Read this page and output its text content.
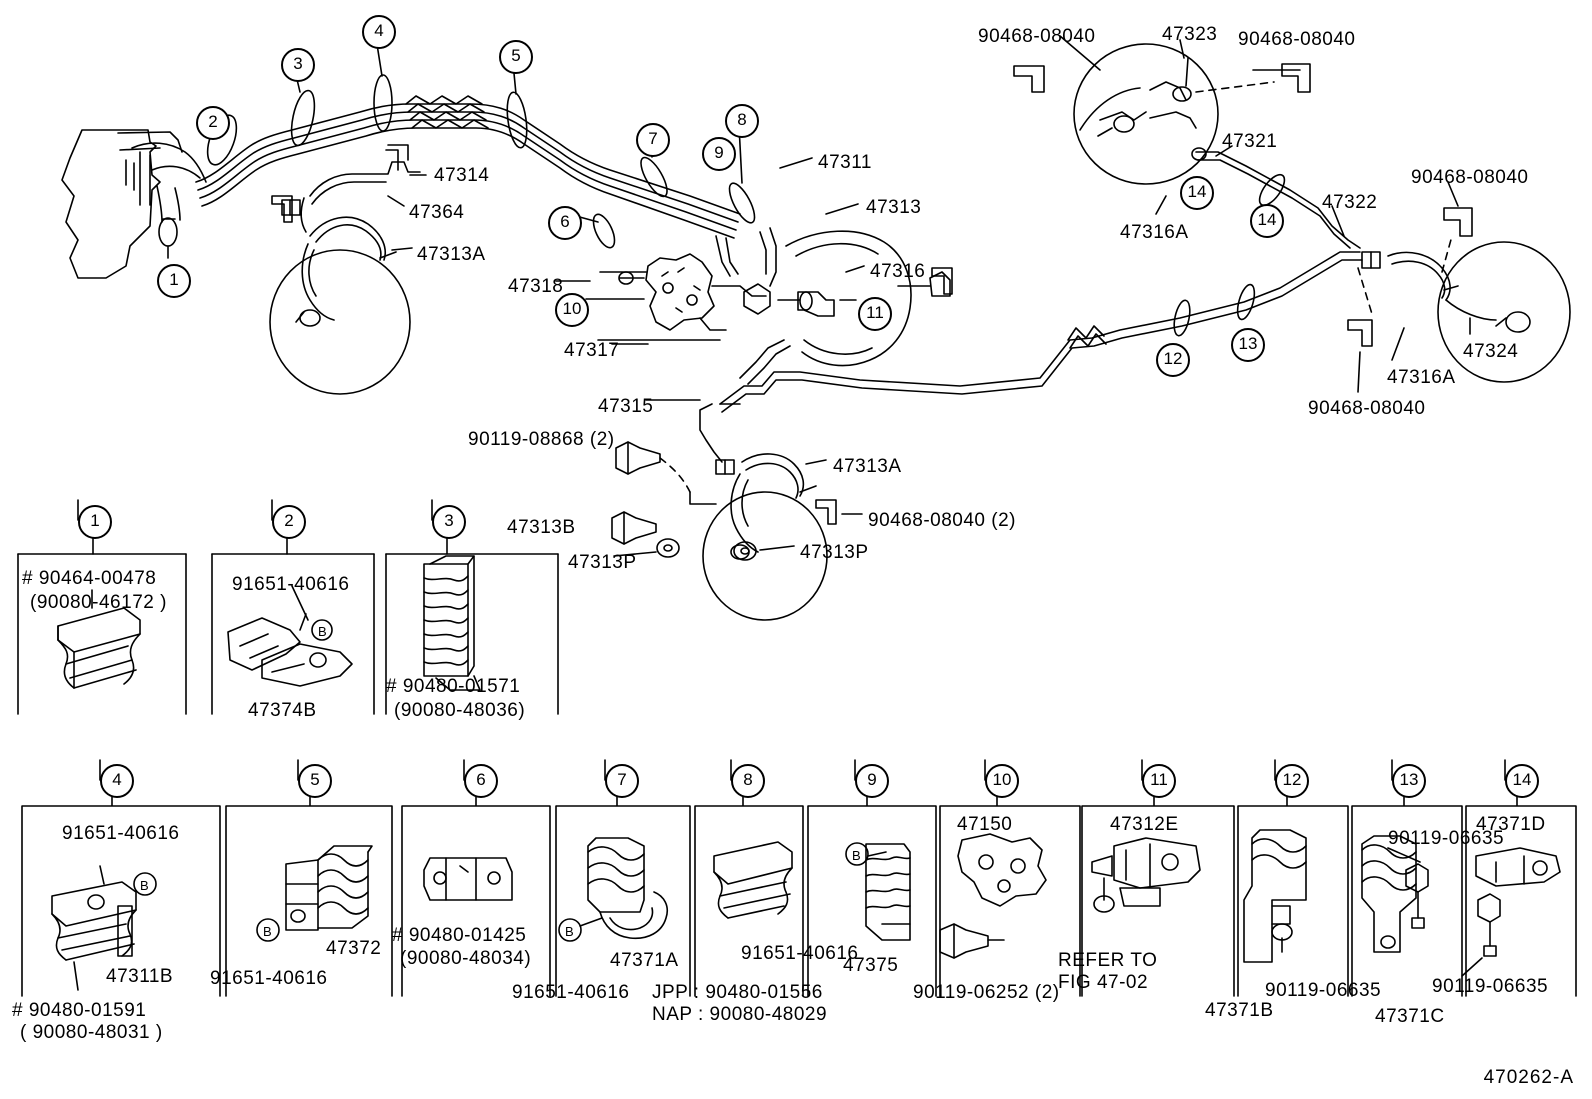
B
B
B	B
B
1
2
3
4
5
6
7
8
9
10	11
12
13
14
14
90468-08040	47323 90468-08040
47321
90468-08040
47322
47316A
47324
47316A
90468-08040
47314
47364
47313A
47311
47313
47316
47318
47317
47315
90119-08868 (2)
47313A
47313B	90468-08040 (2)
47313P	47313P
1
# 90464-00478
(90080-46172 )
2
91651-40616
47374B
3
# 90480-01571
(90080-48036)
4
91651-40616
47311B
# 90480-01591
( 90080-48031 )
5
47372
91651-40616
6
# 90480-01425
(90080-48034)
7
47371A
91651-40616 JPP : 90480-01556
NAP : 90080-48029
8
91651-40616
9
47375
10
47150
90119-06252 (2)
11
47312E
REFER TO
FIG 47-02
12
90119-06635
47371B
13
90119-06635
47371C
14
47371D
90119-06635
470262-A
